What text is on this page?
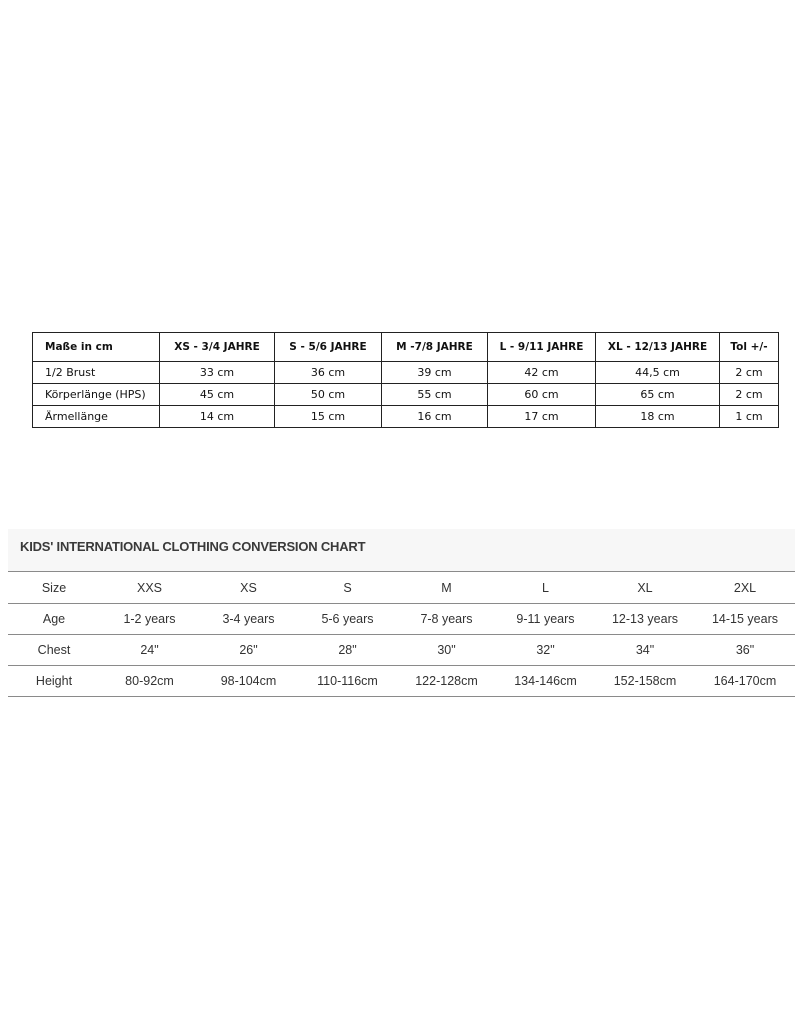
Maße in cm	XS - 3/4 JAHRE	S - 5/6 JAHRE	M -7/8 JAHRE	L - 9/11 JAHRE	XL - 12/13 JAHRE	Tol +/-
1/2 Brust	33 cm	36 cm	39 cm	42 cm	44,5 cm	2 cm
Körperlänge (HPS)	45 cm	50 cm	55 cm	60 cm	65 cm	2 cm
Ärmellänge	14 cm	15 cm	16 cm	17 cm	18 cm	1 cm
KIDS' INTERNATIONAL CLOTHING CONVERSION CHART
Size	XXS	XS	S	M	L	XL	2XL
Age	1-2 years	3-4 years	5-6 years	7-8 years	9-11 years	12-13 years	14-15 years
Chest	24"	26"	28"	30"	32"	34"	36"
Height	80-92cm	98-104cm	110-116cm	122-128cm	134-146cm	152-158cm	164-170cm
